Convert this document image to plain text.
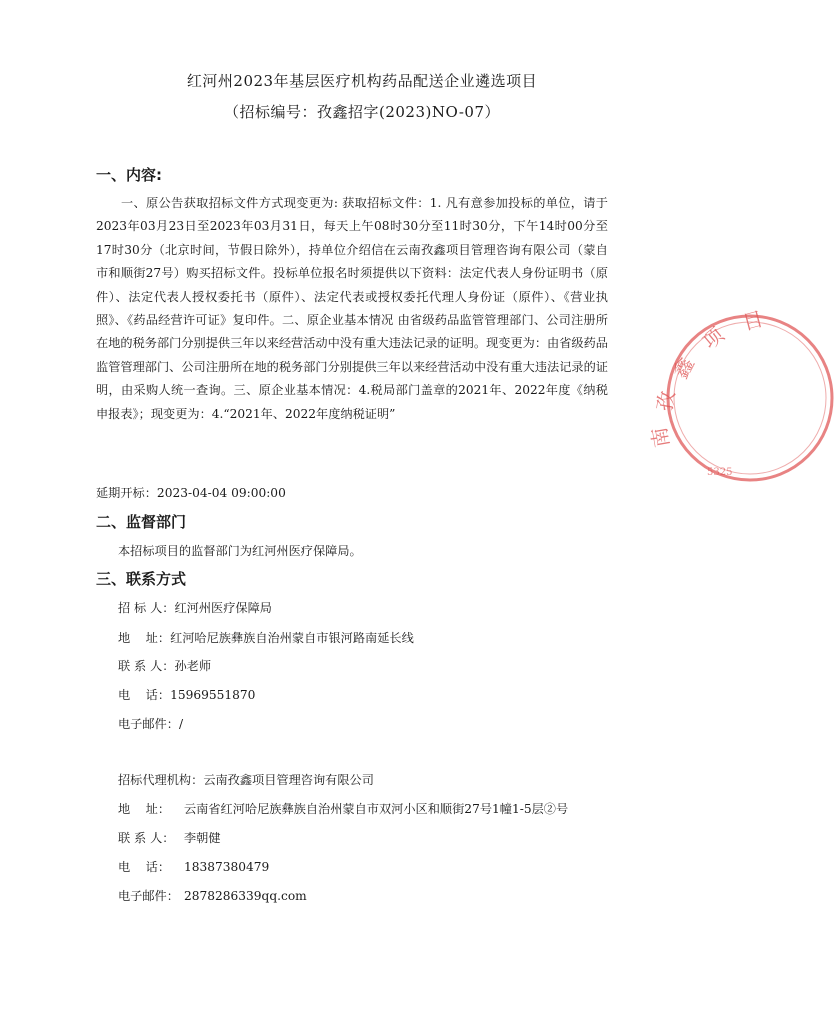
红河州2023年基层医疗机构药品配送企业遴选项目
（招标编号：孜鑫招字(2023)NO-07）
一、内容:

一、原公告获取招标文件方式现变更为: 获取招标文件：1. 凡有意参加投标的单位，请于2023年03月23日至2023年03月31日，每天上午08时30分至11时30分，下午14时00分至17时30分（北京时间，节假日除外），持单位介绍信在云南孜鑫项目管理咨询有限公司（蒙自市和顺街27号）购买招标文件。投标单位报名时须提供以下资料：法定代表人身份证明书（原件）、法定代表人授权委托书（原件）、法定代表或授权委托代理人身份证（原件）、《营业执照》、《药品经营许可证》复印件。二、原企业基本情况 由省级药品监管管理部门、公司注册所在地的税务部门分别提供三年以来经营活动中没有重大违法记录的证明。现变更为：由省级药品监管管理部门、公司注册所在地的税务部门分别提供三年以来经营活动中没有重大违法记录的证明，由采购人统一查询。三、原企业基本情况：4.税局部门盖章的2021年、2022年度《纳税申报表》；现变更为：4.“2021年、2022年度纳税证明”

延期开标：2023-04-04 09:00:00
二、监督部门
本招标项目的监督部门为红河州医疗保障局。
三、联系方式
招 标 人：红河州医疗保障局
地    址：红河哈尼族彝族自治州蒙自市银河路南延长线
联 系 人：孙老师
电    话：15969551870
电子邮件：/
招标代理机构：云南孜鑫项目管理咨询有限公司
地    址： 云南省红河哈尼族彝族自治州蒙自市双河小区和顺街27号1幢1-5层②号
联 系 人： 李朝健
电    话： 18387380479
电子邮件： 2878286339qq.com
鑫
孜
南
项
目
5325
